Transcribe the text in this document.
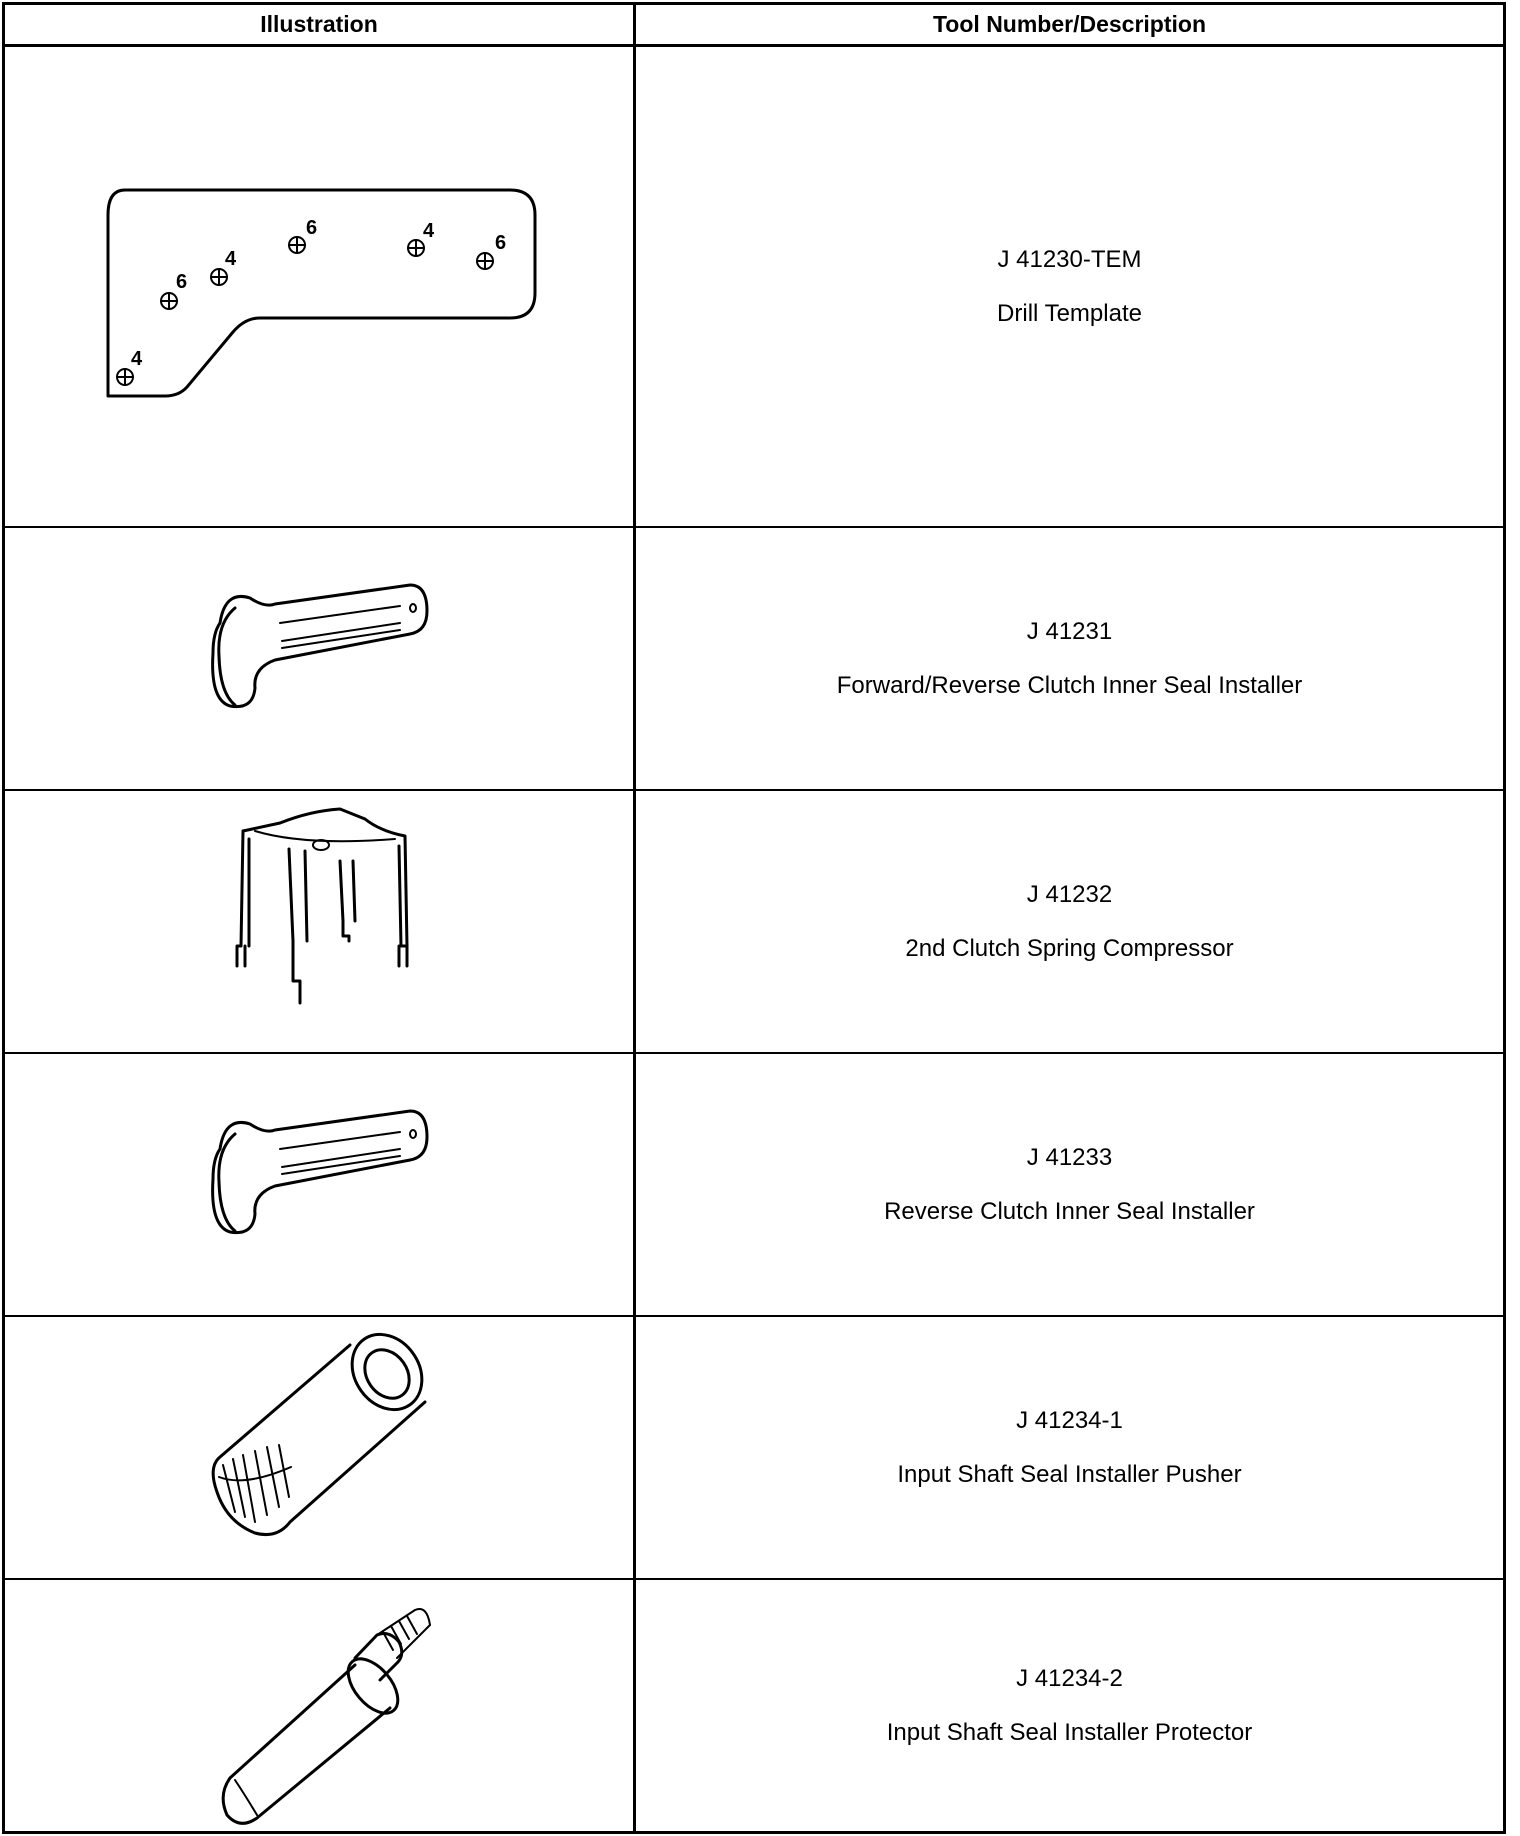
Illustration	Tool Number/Description
6
4
6	4
6
4
J 41230-TEM
Drill Template
J 41231
Forward/Reverse Clutch Inner Seal Installer
J 41232
2nd Clutch Spring Compressor
J 41233
Reverse Clutch Inner Seal Installer
J 41234-1
Input Shaft Seal Installer Pusher
J 41234-2
Input Shaft Seal Installer Protector
